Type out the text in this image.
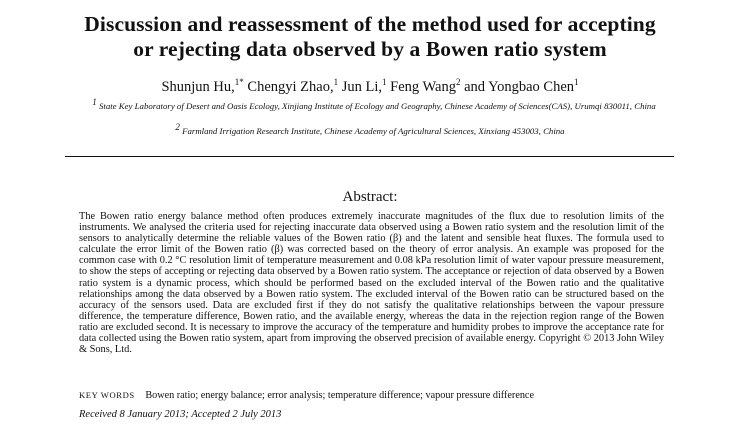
Discussion and reassessment of the method used for accepting
or rejecting data observed by a Bowen ratio system
Shunjun Hu,$^{1*}$ Chengyi Zhao,$^1$ Jun Li,$^1$ Feng Wang$^2$ and Yongbao Chen$^1$
$^1$ State Key Laboratory of Desert and Oasis Ecology, Xinjiang Institute of Ecology and Geography, Chinese Academy of Sciences(CAS), Urumqi 830011, China
$^2$ Farmland Irrigation Research Institute, Chinese Academy of Agricultural Sciences, Xinxiang 453003, China
Abstract:
The Bowen ratio energy balance method often produces extremely inaccurate magnitudes of the flux due to resolution limits of the instruments. We analysed the criteria used for rejecting inaccurate data observed using a Bowen ratio system and the resolution limit of the sensors to analytically determine the reliable values of the Bowen ratio (β) and the latent and sensible heat fluxes. The formula used to calculate the error limit of the Bowen ratio (β) was corrected based on the theory of error analysis. An example was proposed for the common case with 0.2 °C resolution limit of temperature measurement and 0.08 kPa resolution limit of water vapour pressure measurement, to show the steps of accepting or rejecting data observed by a Bowen ratio system. The acceptance or rejection of data observed by a Bowen ratio system is a dynamic process, which should be performed based on the excluded interval of the Bowen ratio and the qualitative relationships among the data observed by a Bowen ratio system. The excluded interval of the Bowen ratio can be structured based on the accuracy of the sensors used. Data are excluded first if they do not satisfy the qualitative relationships between the vapour pressure difference, the temperature difference, Bowen ratio, and the available energy, whereas the data in the rejection region range of the Bowen ratio are excluded second. It is necessary to improve the accuracy of the temperature and humidity probes to improve the acceptance rate for data collected using the Bowen ratio system, apart from improving the observed precision of available energy. Copyright © 2013 John Wiley & Sons, Ltd.
KEY WORDS Bowen ratio; energy balance; error analysis; temperature difference; vapour pressure difference
Received 8 January 2013; Accepted 2 July 2013
